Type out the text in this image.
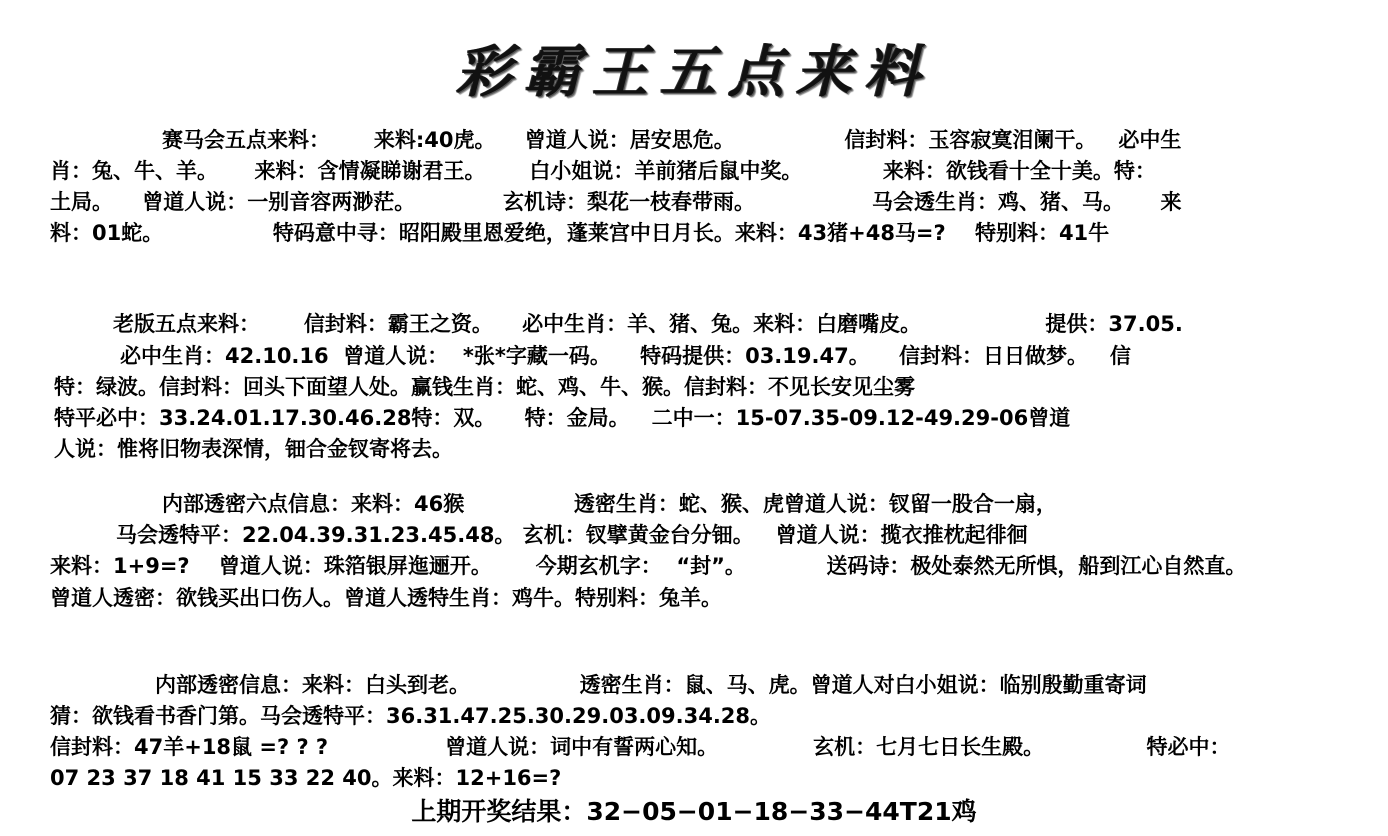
彩霸王五点来料
赛马会五点来料：      来料:40虎。    曾道人说：居安思危。               信封料：玉容寂寞泪阑干。   必中生
肖：兔、牛、羊。     来料：含情凝睇谢君王。      白小姐说：羊前猪后鼠中奖。           来料：欲钱看十全十美。特：
土局。    曾道人说：一别音容两渺茫。            玄机诗：梨花一枝春带雨。                马会透生肖：鸡、猪、马。     来
料：01蛇。               特码意中寻：昭阳殿里恩爱绝，蓬莱宫中日月长。来料：43猪+48马=?    特别料：41牛
老版五点来料：      信封料：霸王之资。    必中生肖：羊、猪、兔。来料：白磨嘴皮。                 提供：37.05.
必中生肖：42.10.16  曾道人说：  *张*字藏一码。    特码提供：03.19.47。    信封料：日日做梦。   信
特：绿波。信封料：回头下面望人处。赢钱生肖：蛇、鸡、牛、猴。信封料：不见长安见尘雾
特平必中：33.24.01.17.30.46.28特：双。    特：金局。   二中一：15-07.35-09.12-49.29-06曾道
人说：惟将旧物表深情，钿合金钗寄将去。
内部透密六点信息：来料：46猴               透密生肖：蛇、猴、虎曾道人说：钗留一股合一扇，
马会透特平：22.04.39.31.23.45.48。 玄机：钗擘黄金台分钿。   曾道人说：揽衣推枕起徘徊
来料：1+9=?    曾道人说：珠箔银屏迤逦开。      今期玄机字：  “封”。           送码诗：极处泰然无所惧，船到江心自然直。
曾道人透密：欲钱买出口伤人。曾道人透特生肖：鸡牛。特别料：兔羊。
内部透密信息：来料：白头到老。               透密生肖：鼠、马、虎。曾道人对白小姐说：临别殷勤重寄词
猜：欲钱看书香门第。马会透特平：36.31.47.25.30.29.03.09.34.28。
信封料：47羊+18鼠 =? ? ?                曾道人说：词中有誓两心知。             玄机：七月七日长生殿。              特必中：
07 23 37 18 41 15 33 22 40。来料：12+16=?
上期开奖结果：32−05−01−18−33−44T21鸡
